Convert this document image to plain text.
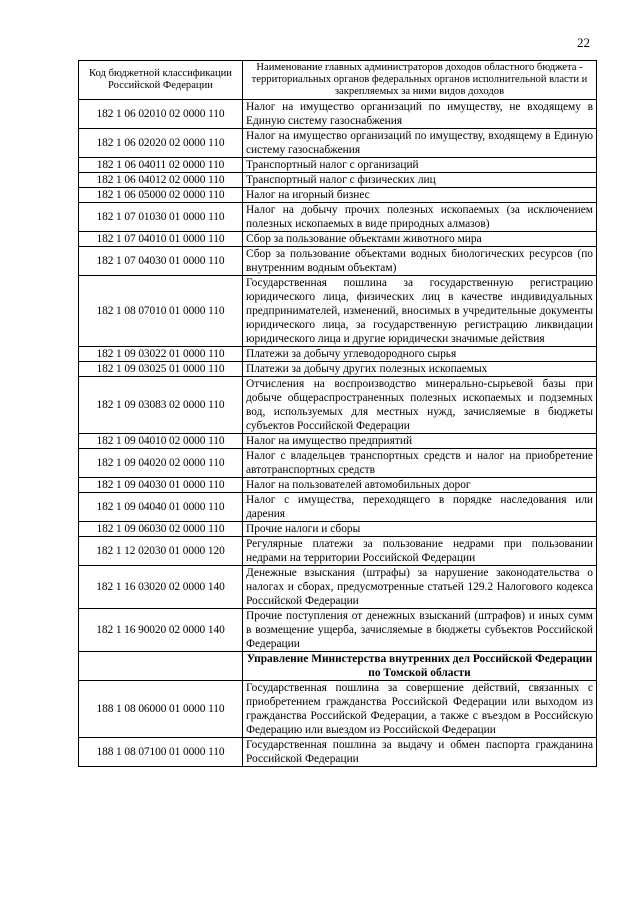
22
Код бюджетной классификации Российской Федерации	Наименование главных администраторов доходов областного бюджета - территориальных органов федеральных органов исполнительной власти и закрепляемых за ними видов доходов
182 1 06 02010 02 0000 110	Налог на имущество организаций по имуществу, не входящему в Единую систему газоснабжения
182 1 06 02020 02 0000 110	Налог на имущество организаций по имуществу, входящему в Единую систему газоснабжения
182 1 06 04011 02 0000 110	Транспортный налог с организаций
182 1 06 04012 02 0000 110	Транспортный налог с физических лиц
182 1 06 05000 02 0000 110	Налог на игорный бизнес
182 1 07 01030 01 0000 110	Налог на добычу прочих полезных ископаемых (за исключением полезных ископаемых в виде природных алмазов)
182 1 07 04010 01 0000 110	Сбор за пользование объектами животного мира
182 1 07 04030 01 0000 110	Сбор за пользование объектами водных биологических ресурсов (по внутренним водным объектам)
182 1 08 07010 01 0000 110	Государственная пошлина за государственную регистрацию юридического лица, физических лиц в качестве индивидуальных предпринимателей, изменений, вносимых в учредительные документы юридического лица, за государственную регистрацию ликвидации юридического лица и другие юридически значимые действия
182 1 09 03022 01 0000 110	Платежи за добычу углеводородного сырья
182 1 09 03025 01 0000 110	Платежи за добычу других полезных ископаемых
182 1 09 03083 02 0000 110	Отчисления на воспроизводство минерально-сырьевой базы при добыче общераспространенных полезных ископаемых и подземных вод, используемых для местных нужд, зачисляемые в бюджеты субъектов Российской Федерации
182 1 09 04010 02 0000 110	Налог на имущество предприятий
182 1 09 04020 02 0000 110	Налог с владельцев транспортных средств и налог на приобретение автотранспортных средств
182 1 09 04030 01 0000 110	Налог на пользователей автомобильных дорог
182 1 09 04040 01 0000 110	Налог с имущества, переходящего в порядке наследования или дарения
182 1 09 06030 02 0000 110	Прочие налоги и сборы
182 1 12 02030 01 0000 120	Регулярные платежи за пользование недрами при пользовании недрами на территории Российской Федерации
182 1 16 03020 02 0000 140	Денежные взыскания (штрафы) за нарушение законодательства о налогах и сборах, предусмотренные статьей 129.2 Налогового кодекса Российской Федерации
182 1 16 90020 02 0000 140	Прочие поступления от денежных взысканий (штрафов) и иных сумм в возмещение ущерба, зачисляемые в бюджеты субъектов Российской Федерации
	Управление Министерства внутренних дел Российской Федерации по Томской области
188 1 08 06000 01 0000 110	Государственная пошлина за совершение действий, связанных с приобретением гражданства Российской Федерации или выходом из гражданства Российской Федерации, а также с въездом в Российскую Федерацию или выездом из Российской Федерации
188 1 08 07100 01 0000 110	Государственная пошлина за выдачу и обмен паспорта гражданина Российской Федерации
